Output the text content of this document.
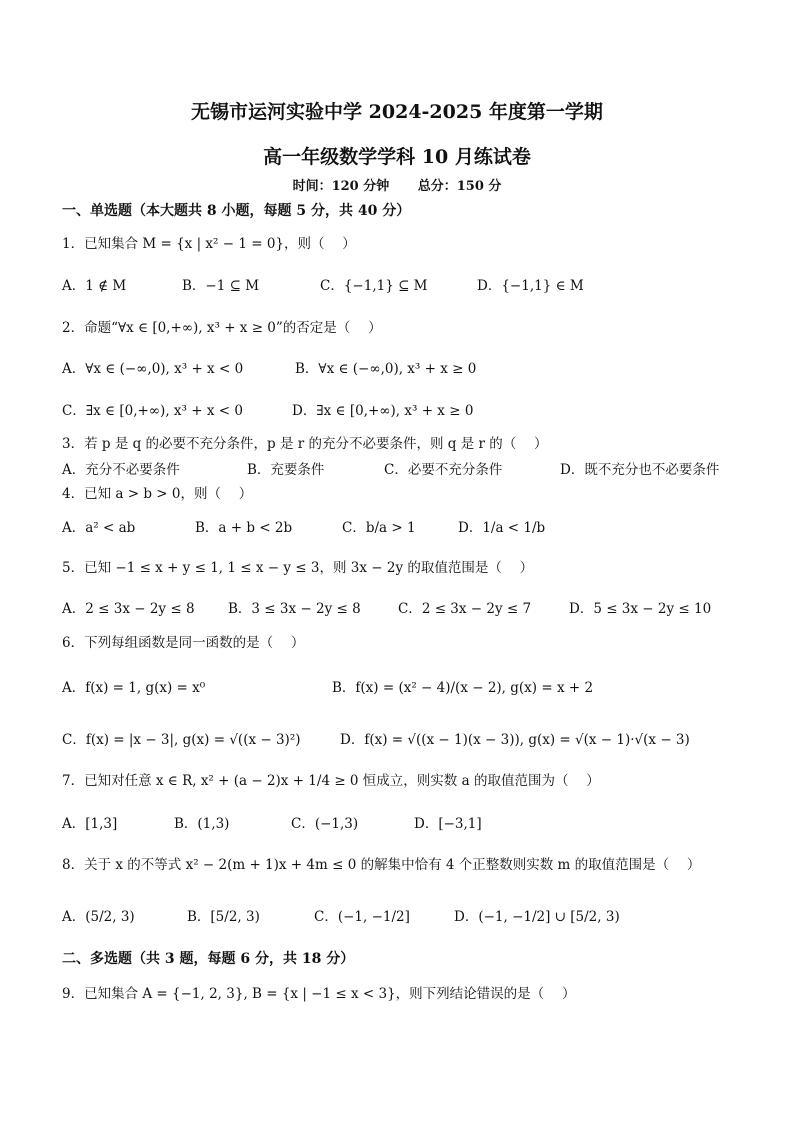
无锡市运河实验中学 2024-2025 年度第一学期
高一年级数学学科 10 月练试卷
时间：120 分钟 总分：150 分
一、单选题（本大题共 8 小题，每题 5 分，共 40 分）
1．已知集合 M = {x | x² − 1 = 0}，则（　 ）
A．1 ∉ M	B．−1 ⊆ M	C．{−1,1} ⊆ M	D．{−1,1} ∈ M
2．命题“∀x ∈ [0,+∞), x³ + x ≥ 0”的否定是（　 ）
A．∀x ∈ (−∞,0), x³ + x < 0	B．∀x ∈ (−∞,0), x³ + x ≥ 0
C．∃x ∈ [0,+∞), x³ + x < 0	D．∃x ∈ [0,+∞), x³ + x ≥ 0
3．若 p 是 q 的必要不充分条件，p 是 r 的充分不必要条件，则 q 是 r 的（　 ）
A．充分不必要条件	B．充要条件	C．必要不充分条件	D．既不充分也不必要条件
4．已知 a > b > 0，则（　 ）
A．a² < ab	B．a + b < 2b	C．b/a > 1	D．1/a < 1/b
5．已知 −1 ≤ x + y ≤ 1, 1 ≤ x − y ≤ 3，则 3x − 2y 的取值范围是（　 ）
A．2 ≤ 3x − 2y ≤ 8 B．3 ≤ 3x − 2y ≤ 8	C．2 ≤ 3x − 2y ≤ 7	D．5 ≤ 3x − 2y ≤ 10
6．下列每组函数是同一函数的是（　 ）
A．f(x) = 1, g(x) = x⁰	B．f(x) = (x² − 4)/(x − 2), g(x) = x + 2
C．f(x) = |x − 3|, g(x) = √((x − 3)²)	D．f(x) = √((x − 1)(x − 3)), g(x) = √(x − 1)·√(x − 3)
7．已知对任意 x ∈ R, x² + (a − 2)x + 1/4 ≥ 0 恒成立，则实数 a 的取值范围为（　 ）
A．[1,3]	B．(1,3)	C．(−1,3)	D．[−3,1]
8．关于 x 的不等式 x² − 2(m + 1)x + 4m ≤ 0 的解集中恰有 4 个正整数则实数 m 的取值范围是（　 ）
A．(5/2, 3)	B．[5/2, 3)	C．(−1, −1/2]	D．(−1, −1/2] ∪ [5/2, 3)
二、多选题（共 3 题，每题 6 分，共 18 分）
9．已知集合 A = {−1, 2, 3}, B = {x | −1 ≤ x < 3}，则下列结论错误的是（　 ）
